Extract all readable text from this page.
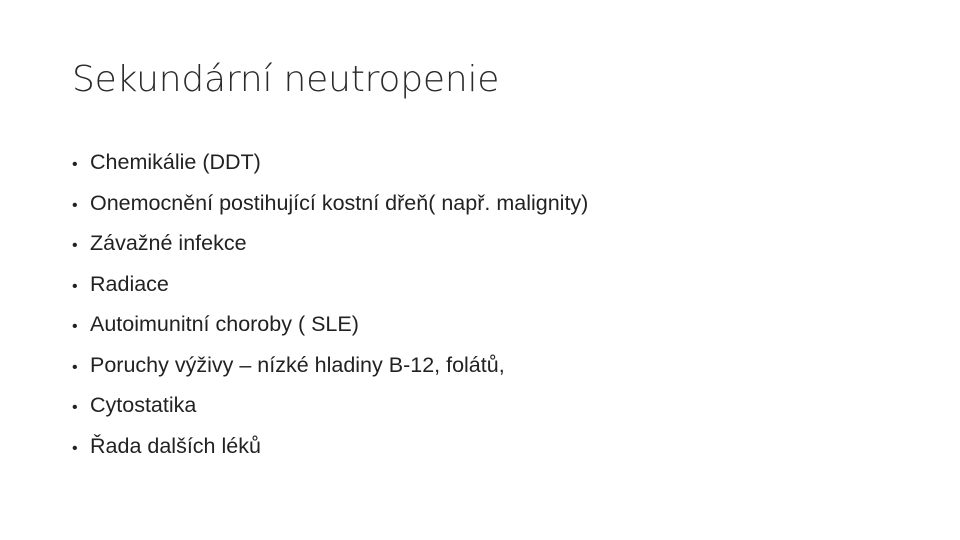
Sekundární neutropenie
• Chemikálie (DDT)
• Onemocnění postihující kostní dřeň( např. malignity)
• Závažné infekce
• Radiace
• Autoimunitní choroby ( SLE)
• Poruchy výživy – nízké hladiny B-12, folátů,
• Cytostatika
• Řada dalších léků
